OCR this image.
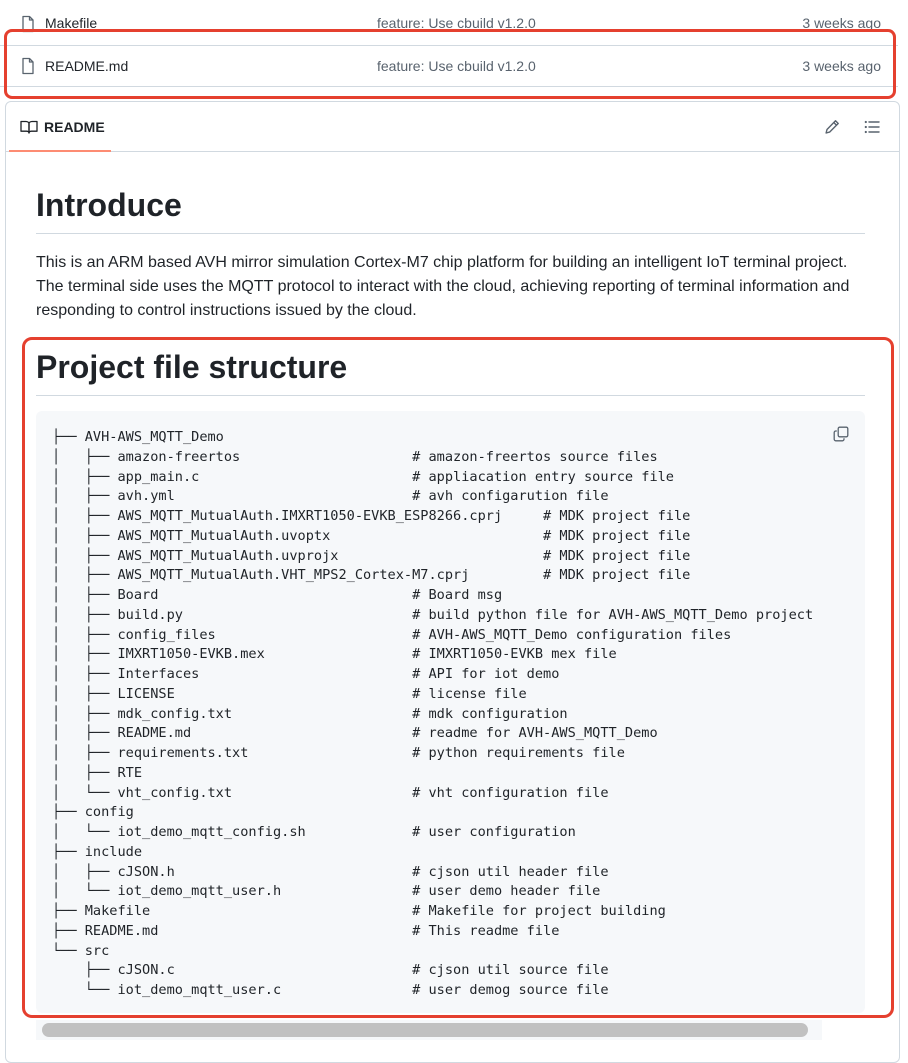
Makefile	feature: Use cbuild v1.2.0	3 weeks ago
README.md	feature: Use cbuild v1.2.0	3 weeks ago
README
Introduce

This is an ARM based AVH mirror simulation Cortex-M7 chip platform for building an intelligent IoT terminal project. The terminal side uses the MQTT protocol to interact with the cloud, achieving reporting of terminal information and responding to control instructions issued by the cloud.

Project file structure
├── AVH-AWS_MQTT_Demo
│   ├── amazon-freertos                     # amazon-freertos source files
│   ├── app_main.c                          # appliacation entry source file
│   ├── avh.yml                             # avh configarution file
│   ├── AWS_MQTT_MutualAuth.IMXRT1050-EVKB_ESP8266.cprj     # MDK project file
│   ├── AWS_MQTT_MutualAuth.uvoptx                          # MDK project file
│   ├── AWS_MQTT_MutualAuth.uvprojx                         # MDK project file
│   ├── AWS_MQTT_MutualAuth.VHT_MPS2_Cortex-M7.cprj         # MDK project file
│   ├── Board                               # Board msg
│   ├── build.py                            # build python file for AVH-AWS_MQTT_Demo project
│   ├── config_files                        # AVH-AWS_MQTT_Demo configuration files
│   ├── IMXRT1050-EVKB.mex                  # IMXRT1050-EVKB mex file
│   ├── Interfaces                          # API for iot demo
│   ├── LICENSE                             # license file
│   ├── mdk_config.txt                      # mdk configuration
│   ├── README.md                           # readme for AVH-AWS_MQTT_Demo
│   ├── requirements.txt                    # python requirements file
│   ├── RTE
│   └── vht_config.txt                      # vht configuration file
├── config
│   └── iot_demo_mqtt_config.sh             # user configuration
├── include
│   ├── cJSON.h                             # cjson util header file
│   └── iot_demo_mqtt_user.h                # user demo header file
├── Makefile                                # Makefile for project building
├── README.md                               # This readme file
└── src
├── cJSON.c                             # cjson util source file
└── iot_demo_mqtt_user.c                # user demog source file
